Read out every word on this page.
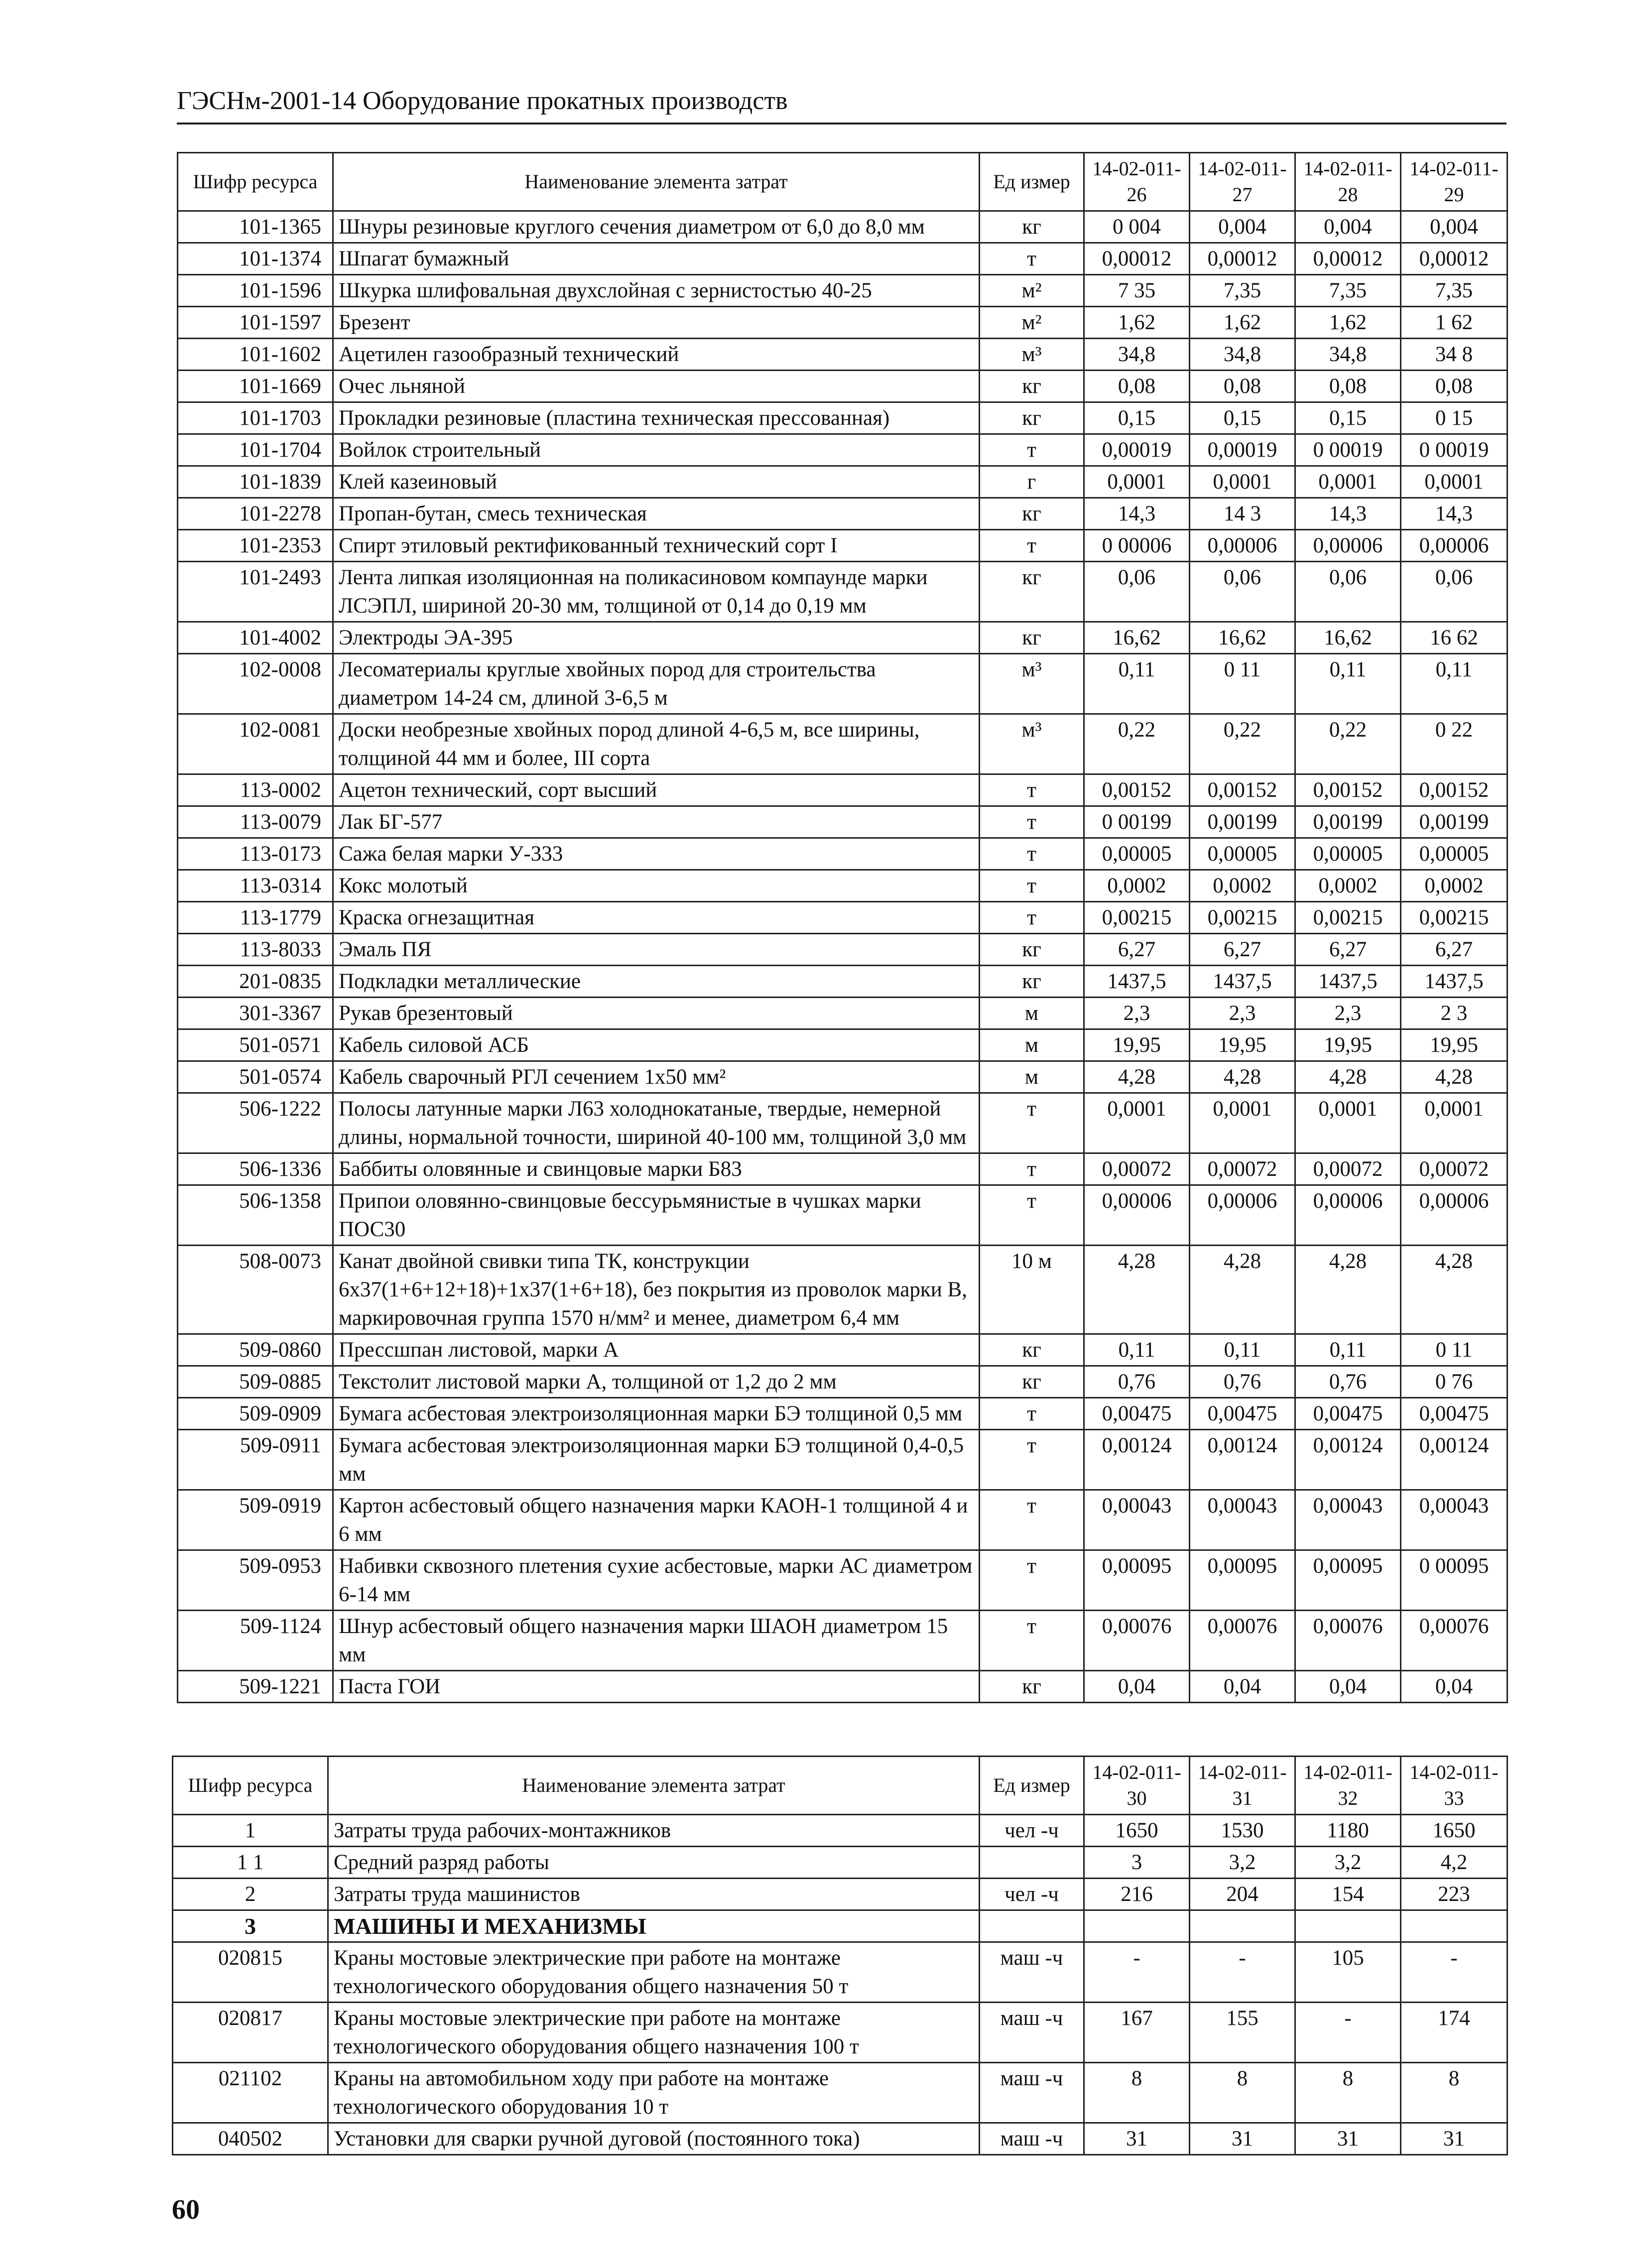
ГЭСНм-2001-14 Оборудование прокатных производств
Шифр ресурса	Наименование элемента затрат	Ед измер	14-02-011-26	14-02-011-27	14-02-011-28	14-02-011-29
101-1365	Шнуры резиновые круглого сечения диаметром от 6,0 до 8,0 мм	кг	0 004	0,004	0,004	0,004
101-1374	Шпагат бумажный	т	0,00012	0,00012	0,00012	0,00012
101-1596	Шкурка шлифовальная двухслойная с зернистостью 40-25	м²	7 35	7,35	7,35	7,35
101-1597	Брезент	м²	1,62	1,62	1,62	1 62
101-1602	Ацетилен газообразный технический	м³	34,8	34,8	34,8	34 8
101-1669	Очес льняной	кг	0,08	0,08	0,08	0,08
101-1703	Прокладки резиновые (пластина техническая прессованная)	кг	0,15	0,15	0,15	0 15
101-1704	Войлок строительный	т	0,00019	0,00019	0 00019	0 00019
101-1839	Клей казеиновый	г	0,0001	0,0001	0,0001	0,0001
101-2278	Пропан-бутан, смесь техническая	кг	14,3	14 3	14,3	14,3
101-2353	Спирт этиловый ректификованный технический сорт I	т	0 00006	0,00006	0,00006	0,00006
101-2493	Лента липкая изоляционная на поликасиновом компаунде марки ЛСЭПЛ, шириной 20-30 мм, толщиной от 0,14 до 0,19 мм	кг	0,06	0,06	0,06	0,06
101-4002	Электроды ЭА-395	кг	16,62	16,62	16,62	16 62
102-0008	Лесоматериалы круглые хвойных пород для строительства диаметром 14-24 см, длиной 3-6,5 м	м³	0,11	0 11	0,11	0,11
102-0081	Доски необрезные хвойных пород длиной 4-6,5 м, все ширины, толщиной 44 мм и более, III сорта	м³	0,22	0,22	0,22	0 22
113-0002	Ацетон технический, сорт высший	т	0,00152	0,00152	0,00152	0,00152
113-0079	Лак БГ-577	т	0 00199	0,00199	0,00199	0,00199
113-0173	Сажа белая марки У-333	т	0,00005	0,00005	0,00005	0,00005
113-0314	Кокс молотый	т	0,0002	0,0002	0,0002	0,0002
113-1779	Краска огнезащитная	т	0,00215	0,00215	0,00215	0,00215
113-8033	Эмаль ПЯ	кг	6,27	6,27	6,27	6,27
201-0835	Подкладки металлические	кг	1437,5	1437,5	1437,5	1437,5
301-3367	Рукав брезентовый	м	2,3	2,3	2,3	2 3
501-0571	Кабель силовой АСБ	м	19,95	19,95	19,95	19,95
501-0574	Кабель сварочный РГЛ сечением 1x50 мм²	м	4,28	4,28	4,28	4,28
506-1222	Полосы латунные марки Л63 холоднокатаные, твердые, немерной длины, нормальной точности, шириной 40-100 мм, толщиной 3,0 мм	т	0,0001	0,0001	0,0001	0,0001
506-1336	Баббиты оловянные и свинцовые марки Б83	т	0,00072	0,00072	0,00072	0,00072
506-1358	Припои оловянно-свинцовые бессурьмянистые в чушках марки ПОС30	т	0,00006	0,00006	0,00006	0,00006
508-0073	Канат двойной свивки типа ТК, конструкции 6x37(1+6+12+18)+1x37(1+6+18), без покрытия из проволок марки В, маркировочная группа 1570 н/мм² и менее, диаметром 6,4 мм	10 м	4,28	4,28	4,28	4,28
509-0860	Прессшпан листовой, марки А	кг	0,11	0,11	0,11	0 11
509-0885	Текстолит листовой марки А, толщиной от 1,2 до 2 мм	кг	0,76	0,76	0,76	0 76
509-0909	Бумага асбестовая электроизоляционная марки БЭ толщиной 0,5 мм	т	0,00475	0,00475	0,00475	0,00475
509-0911	Бумага асбестовая электроизоляционная марки БЭ толщиной 0,4-0,5 мм	т	0,00124	0,00124	0,00124	0,00124
509-0919	Картон асбестовый общего назначения марки КАОН-1 толщиной 4 и 6 мм	т	0,00043	0,00043	0,00043	0,00043
509-0953	Набивки сквозного плетения сухие асбестовые, марки АС диаметром 6-14 мм	т	0,00095	0,00095	0,00095	0 00095
509-1124	Шнур асбестовый общего назначения марки ШАОН диаметром 15 мм	т	0,00076	0,00076	0,00076	0,00076
509-1221	Паста ГОИ	кг	0,04	0,04	0,04	0,04
Шифр ресурса	Наименование элемента затрат	Ед измер	14-02-011-30	14-02-011-31	14-02-011-32	14-02-011-33
1	Затраты труда рабочих-монтажников	чел -ч	1650	1530	1180	1650
1 1	Средний разряд работы		3	3,2	3,2	4,2
2	Затраты труда машинистов	чел -ч	216	204	154	223
3	МАШИНЫ И МЕХАНИЗМЫ					
020815	Краны мостовые электрические при работе на монтаже технологического оборудования общего назначения 50 т	маш -ч	-	-	105	-
020817	Краны мостовые электрические при работе на монтаже технологического оборудования общего назначения 100 т	маш -ч	167	155	-	174
021102	Краны на автомобильном ходу при работе на монтаже технологического оборудования 10 т	маш -ч	8	8	8	8
040502	Установки для сварки ручной дуговой (постоянного тока)	маш -ч	31	31	31	31
60
